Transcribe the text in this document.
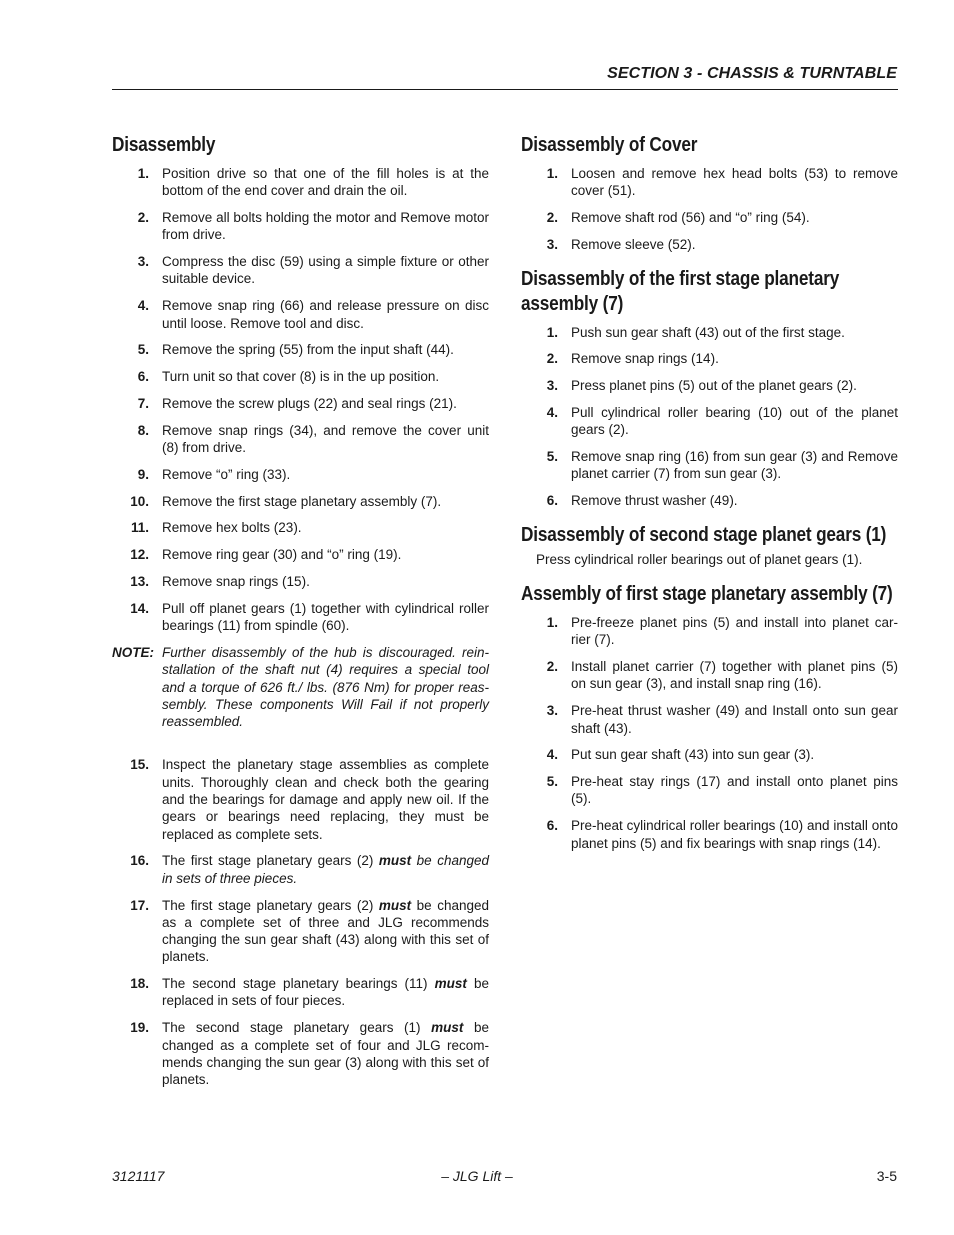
SECTION 3 - CHASSIS & TURNTABLE
Disassembly
1. Position drive so that one of the fill holes is at the bottom of the end cover and drain the oil.
2. Remove all bolts holding the motor and Remove motor from drive.
3. Compress the disc (59) using a simple fixture or other suitable device.
4. Remove snap ring (66) and release pressure on disc until loose. Remove tool and disc.
5. Remove the spring (55) from the input shaft (44).
6. Turn unit so that cover (8) is in the up position.
7. Remove the screw plugs (22) and seal rings (21).
8. Remove snap rings (34), and remove the cover unit (8) from drive.
9. Remove “o” ring (33).
10. Remove the first stage planetary assembly (7).
11. Remove hex bolts (23).
12. Remove ring gear (30) and “o” ring (19).
13. Remove snap rings (15).
14. Pull off planet gears (1) together with cylindrical roller bearings (11) from spindle (60).
NOTE: Further disassembly of the hub is discouraged. rein-stallation of the shaft nut (4) requires a special tool and a torque of 626 ft./ lbs. (876 Nm) for proper reas-sembly. These components Will Fail if not properly reassembled.
15. Inspect the planetary stage assemblies as complete units. Thoroughly clean and check both the gearing and the bearings for damage and apply new oil. If the gears or bearings need replacing, they must be replaced as complete sets.
16. The first stage planetary gears (2) must be changed in sets of three pieces.
17. The first stage planetary gears (2) must be changed as a complete set of three and JLG recommends changing the sun gear shaft (43) along with this set of planets.
18. The second stage planetary bearings (11) must be replaced in sets of four pieces.
19. The second stage planetary gears (1) must be changed as a complete set of four and JLG recom-mends changing the sun gear (3) along with this set of planets.
Disassembly of Cover
1. Loosen and remove hex head bolts (53) to remove cover (51).
2. Remove shaft rod (56) and “o” ring (54).
3. Remove sleeve (52).
Disassembly of the first stage planetary assembly (7)
1. Push sun gear shaft (43) out of the first stage.
2. Remove snap rings (14).
3. Press planet pins (5) out of the planet gears (2).
4. Pull cylindrical roller bearing (10) out of the planet gears (2).
5. Remove snap ring (16) from sun gear (3) and Remove planet carrier (7) from sun gear (3).
6. Remove thrust washer (49).
Disassembly of second stage planet gears (1)
Press cylindrical roller bearings out of planet gears (1).
Assembly of first stage planetary assembly (7)
1. Pre-freeze planet pins (5) and install into planet car-rier (7).
2. Install planet carrier (7) together with planet pins (5) on sun gear (3), and install snap ring (16).
3. Pre-heat thrust washer (49) and Install onto sun gear shaft (43).
4. Put sun gear shaft (43) into sun gear (3).
5. Pre-heat stay rings (17) and install onto planet pins (5).
6. Pre-heat cylindrical roller bearings (10) and install onto planet pins (5) and fix bearings with snap rings (14).
– JLG Lift –
3121117	3-5
